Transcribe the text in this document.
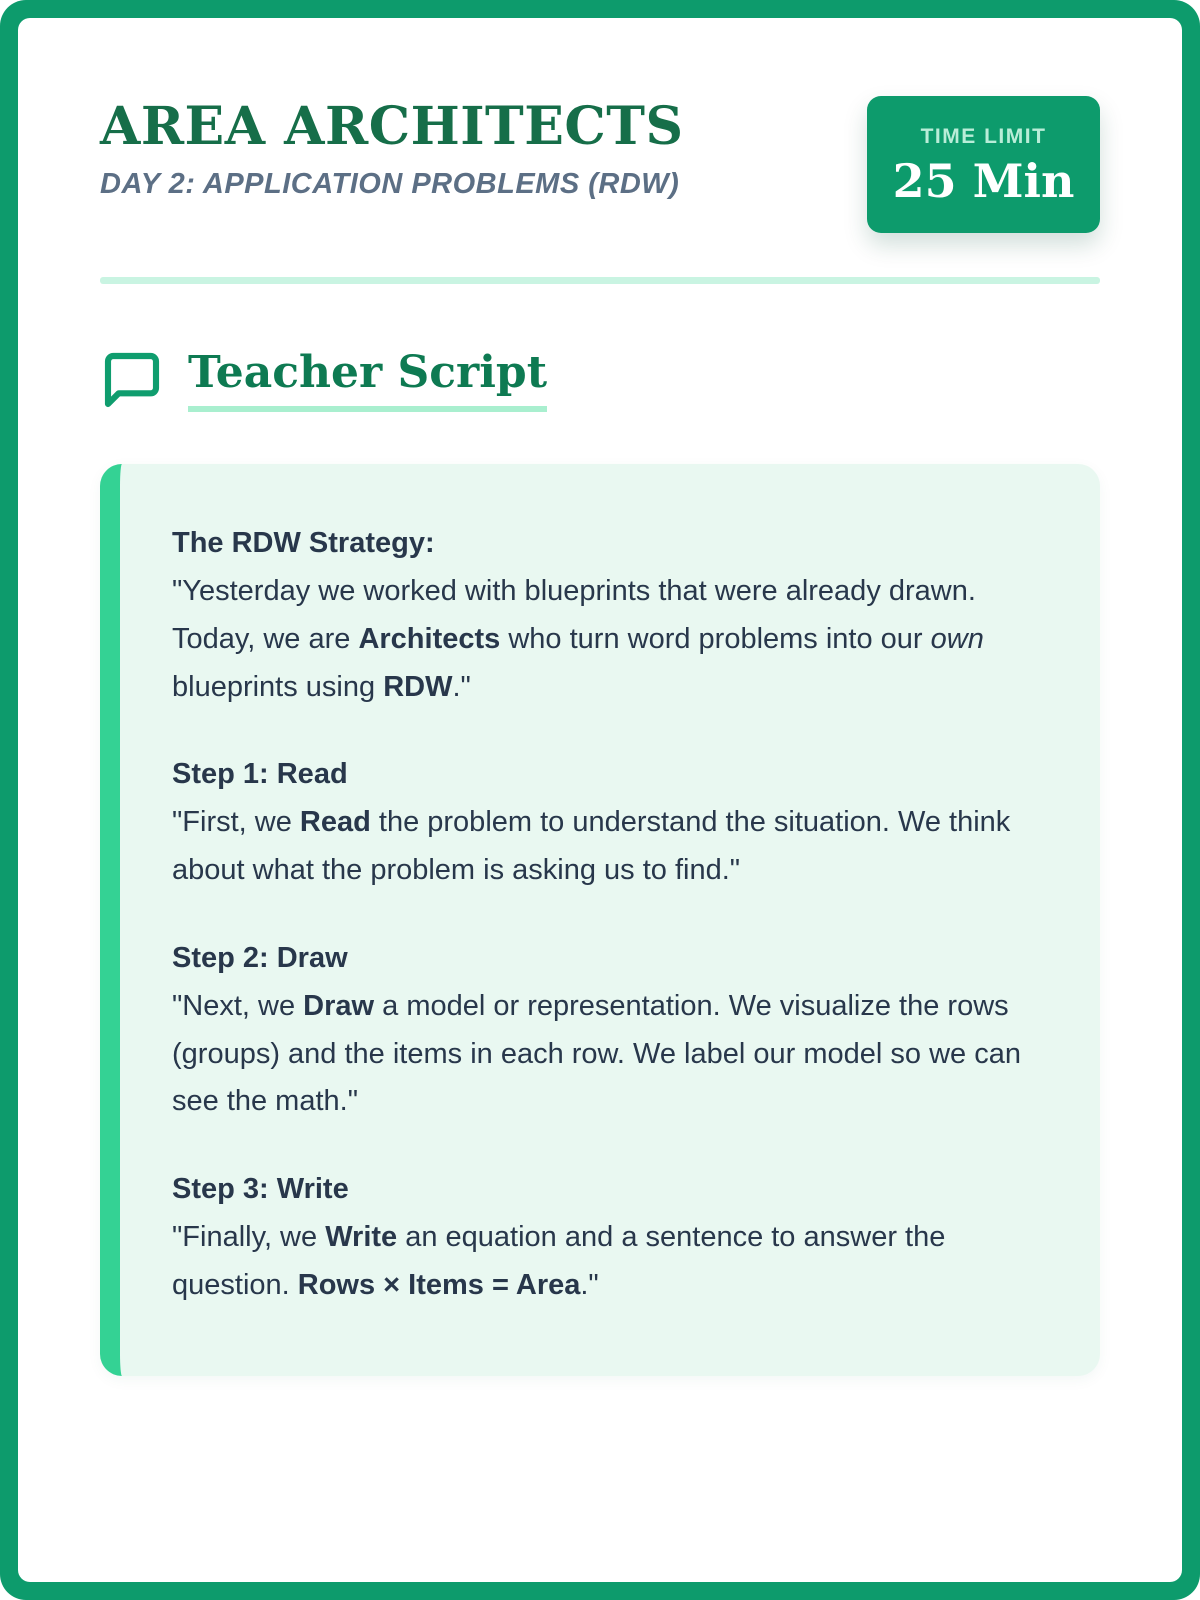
AREA ARCHITECTS
DAY 2: APPLICATION PROBLEMS (RDW)
TIME LIMIT
25 Min
Teacher Script
The RDW Strategy:
"Yesterday we worked with blueprints that were already drawn. Today, we are Architects who turn word problems into our own blueprints using RDW."
Step 1: Read
"First, we Read the problem to understand the situation. We think about what the problem is asking us to find."
Step 2: Draw
"Next, we Draw a model or representation. We visualize the rows (groups) and the items in each row. We label our model so we can see the math."
Step 3: Write
"Finally, we Write an equation and a sentence to answer the question. Rows × Items = Area."
